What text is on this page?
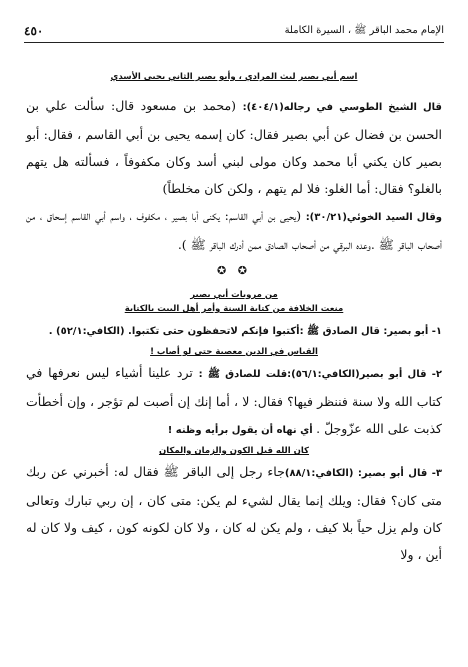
الإمام محمد الباقر ﷺ ، السيرة الكاملة
٤٥٠
اسم أبي بصير ليث المرادي ، وأبو بصير الثاني يحيى الأسدي

قال الشيخ الطوسي في رجاله(٤٠٤/١): (محمد بن مسعود قال: سألت علي بن الحسن بن فضال عن أبي بصير فقال: كان إسمه يحيى بن أبي القاسم ، فقال: أبو بصير كان يكني أبا محمد وكان مولى لبني أسد وكان مكفوفاً ، فسألته هل يتهم بالغلو؟ فقال: أما الغلو: فلا لم يتهم ، ولكن كان مخلطاً)

وقال السيد الخوئي(٣٠/٢١): (يحيى بن أبي القاسم: يكنى أبا بصير ، مكفوف ، واسم أبي القاسم إسحاق ، من أصحاب الباقر ﷺ .وعده البرقي من أصحاب الصادق ممن أدرك الباقر ﷺ ).

✪ ✪
من مرويات أبي بصير
منعت الخلافة من كتابة السنة وأمر أهل البيت بالكتابة

١- أبو بصير: قال الصادق ﷺ :أكتبوا فإنكم لاتحفظون حتى تكتبوا. (الكافي:٥٢/١) .

القياس في الدين معصية حتى لو أصاب !

٢- قال أبو بصير(الكافي:٥٦/١):قلت للصادق ﷺ : ترد علينا أشياء ليس نعرفها في كتاب الله ولا سنة فننظر فيها؟ فقال: لا ، أما إنك إن أصبت لم تؤجر ، وإن أخطأت كذبت على الله عزّوجلّ . أي نهاه أن يقول برأيه وظنه !

كان الله قبل الكون والزمان والمكان

٣- قال أبو بصير: (الكافي:٨٨/١)جاء رجل إلى الباقر ﷺ فقال له: أخبرني عن ربك متى كان؟ فقال: ويلك إنما يقال لشيء لم يكن: متى كان ، إن ربي تبارك وتعالى كان ولم يزل حياً بلا كيف ، ولم يكن له كان ، ولا كان لكونه كون ، كيف ولا كان له أين ، ولا
